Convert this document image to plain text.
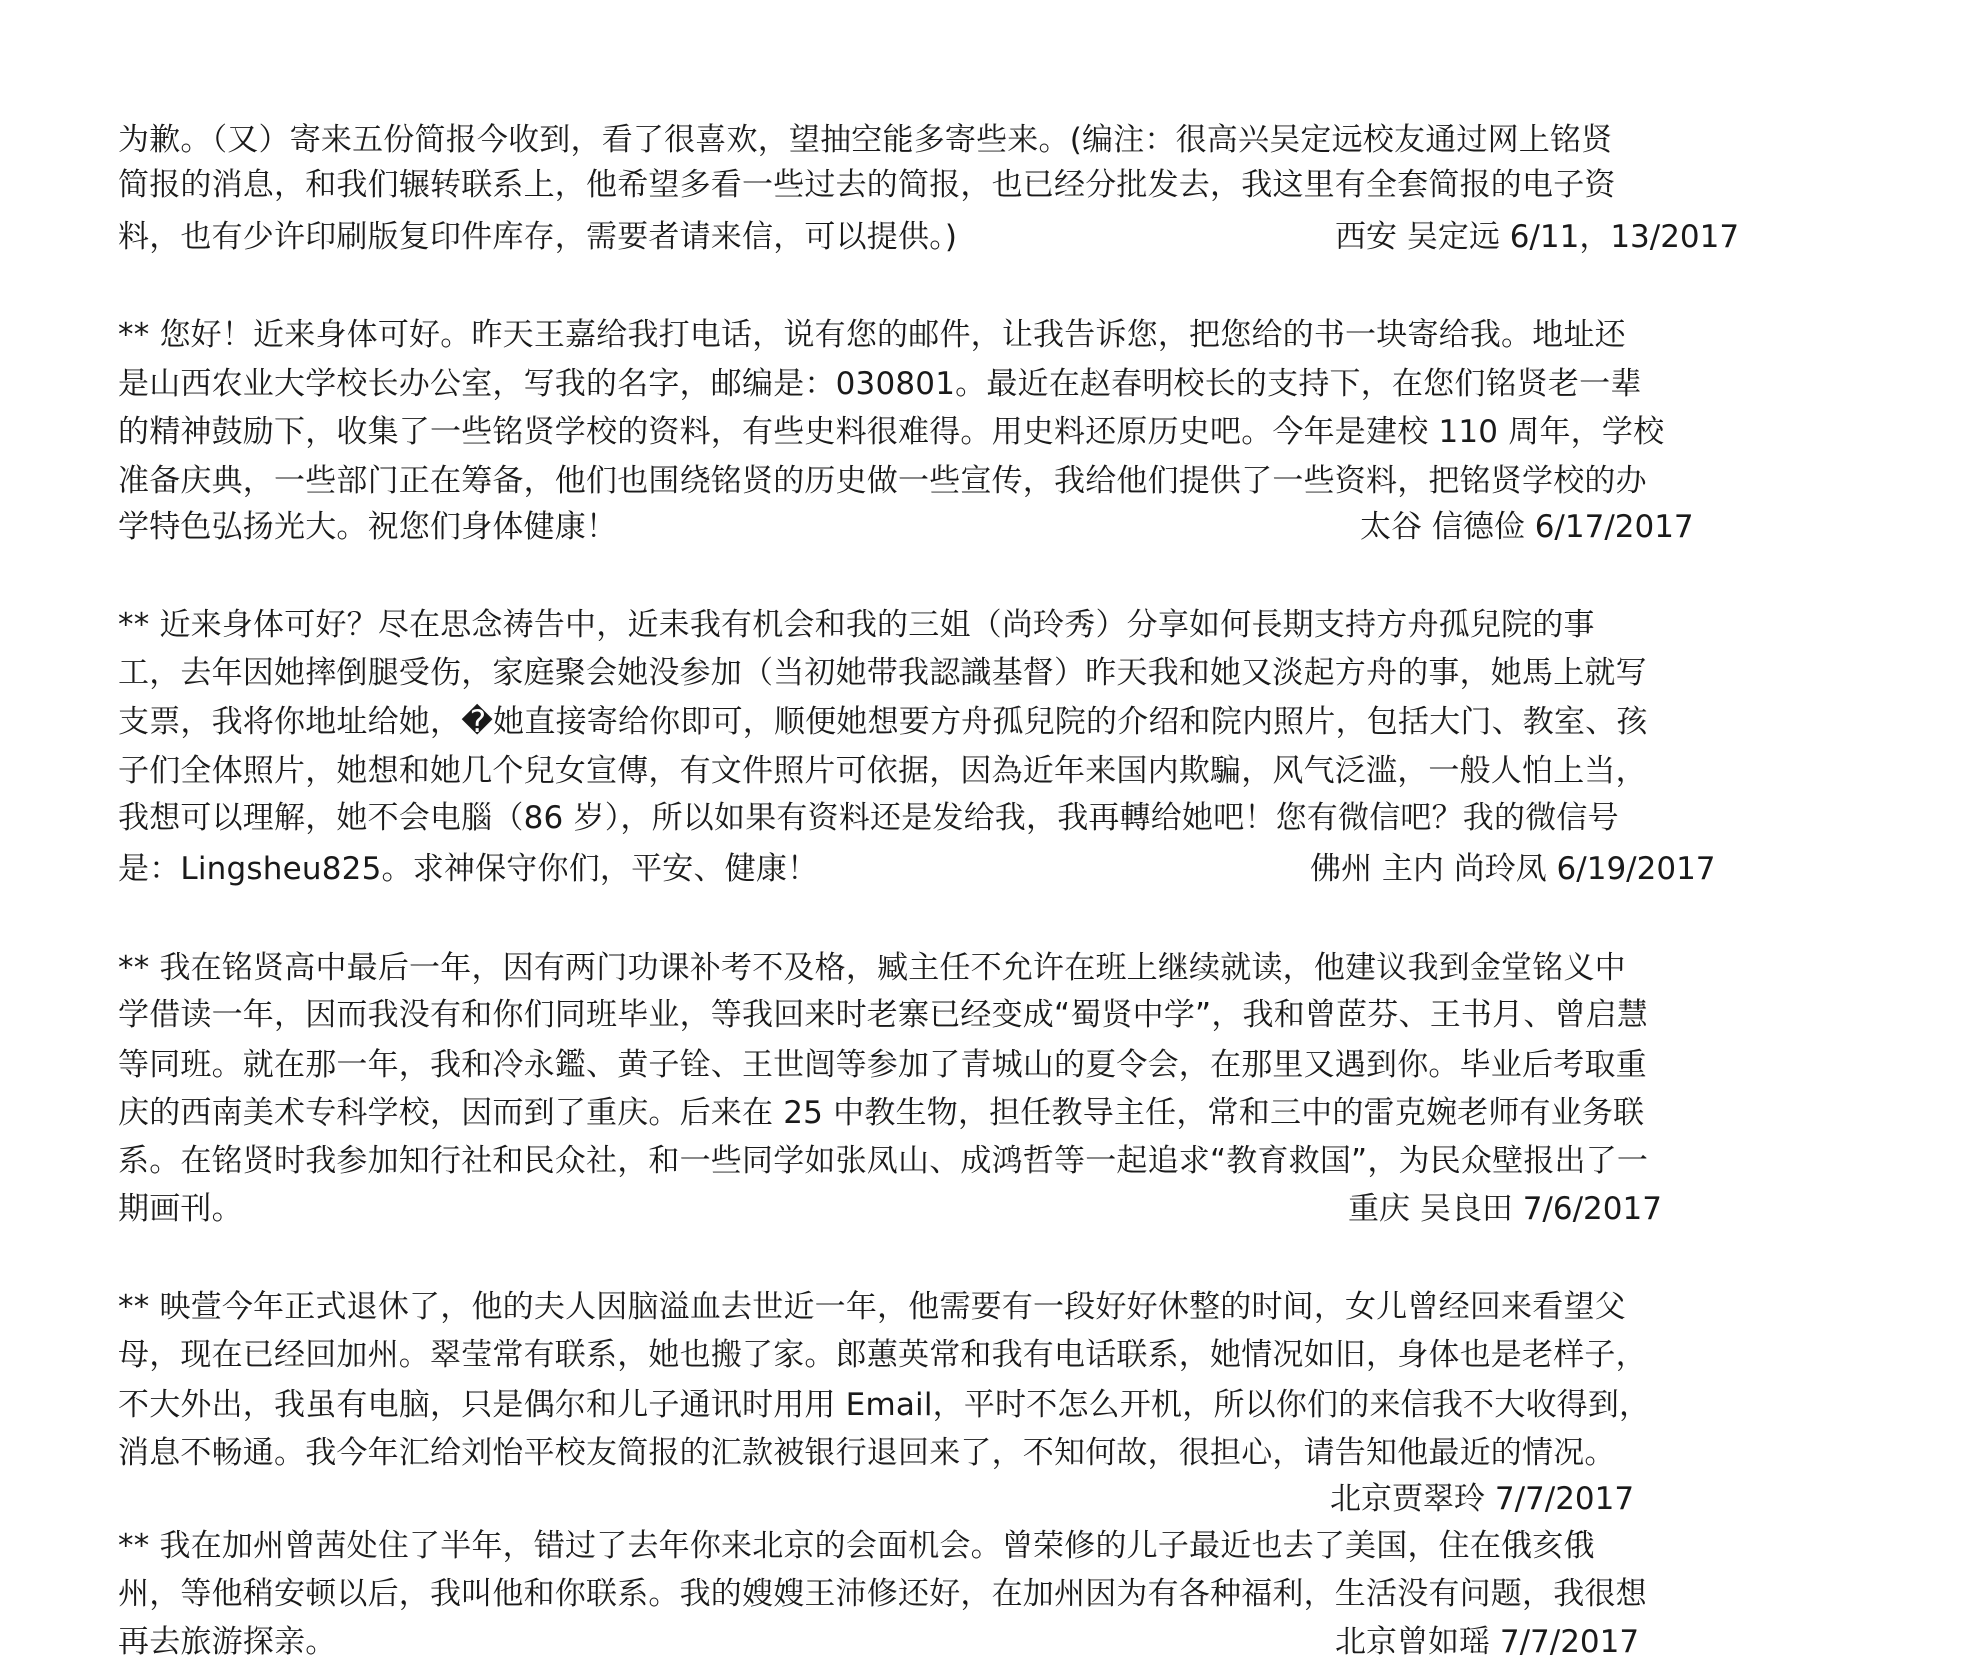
为歉。（又）寄来五份简报今收到，看了很喜欢，望抽空能多寄些来。(编注：很高兴吴定远校友通过网上铭贤
简报的消息，和我们辗转联系上，他希望多看一些过去的简报，也已经分批发去，我这里有全套简报的电子资
料，也有少许印刷版复印件库存，需要者请来信，可以提供。)	西安 吴定远 6/11，13/2017
** 您好！近来身体可好。昨天王嘉给我打电话，说有您的邮件，让我告诉您，把您给的书一块寄给我。地址还
是山西农业大学校长办公室，写我的名字，邮编是：030801。最近在赵春明校长的支持下，在您们铭贤老一辈
的精神鼓励下，收集了一些铭贤学校的资料，有些史料很难得。用史料还原历史吧。今年是建校 110 周年，学校
准备庆典，一些部门正在筹备，他们也围绕铭贤的历史做一些宣传，我给他们提供了一些资料，把铭贤学校的办
学特色弘扬光大。祝您们身体健康！	太谷 信德俭 6/17/2017
** 近来身体可好？尽在思念祷告中，近耒我有机会和我的三姐（尚玲秀）分享如何長期支持方舟孤兒院的事
工，去年因她摔倒腿受伤，家庭聚会她没参加（当初她带我認識基督）昨天我和她又淡起方舟的事，她馬上就写
支票，我将你地址给她，�她直接寄给你即可，顺便她想要方舟孤兒院的介绍和院内照片，包括大门、教室、孩
子们全体照片，她想和她几个兒女宣傳，有文件照片可依据，因為近年来国内欺騙，风气泛滥，一般人怕上当，
我想可以理解，她不会电腦（86 岁），所以如果有资料还是发给我，我再轉给她吧！您有微信吧？我的微信号
是：Lingsheu825。求神保守你们，平安、健康！	佛州 主内 尚玲凤 6/19/2017
** 我在铭贤高中最后一年，因有两门功课补考不及格，臧主任不允许在班上继续就读，他建议我到金堂铭义中
学借读一年，因而我没有和你们同班毕业，等我回来时老寨已经变成“蜀贤中学”，我和曾茝芬、王书月、曾启慧
等同班。就在那一年，我和冷永鑑、黄子铨、王世闿等参加了青城山的夏令会，在那里又遇到你。毕业后考取重
庆的西南美术专科学校，因而到了重庆。后来在 25 中教生物，担任教导主任，常和三中的雷克婉老师有业务联
系。在铭贤时我参加知行社和民众社，和一些同学如张凤山、成鸿哲等一起追求“教育救国”，为民众壁报出了一
期画刊。	重庆 吴良田 7/6/2017
** 映萱今年正式退休了，他的夫人因脑溢血去世近一年，他需要有一段好好休整的时间，女儿曾经回来看望父
母，现在已经回加州。翠莹常有联系，她也搬了家。郎蕙英常和我有电话联系，她情况如旧，身体也是老样子，
不大外出，我虽有电脑，只是偶尔和儿子通讯时用用 Email，平时不怎么开机，所以你们的来信我不大收得到，
消息不畅通。我今年汇给刘怡平校友简报的汇款被银行退回来了，不知何故，很担心，请告知他最近的情况。
北京贾翠玲 7/7/2017
** 我在加州曾茜处住了半年，错过了去年你来北京的会面机会。曾荣修的儿子最近也去了美国，住在俄亥俄
州，等他稍安顿以后，我叫他和你联系。我的嫂嫂王沛修还好，在加州因为有各种福利，生活没有问题，我很想
再去旅游探亲。	北京曾如瑶 7/7/2017
